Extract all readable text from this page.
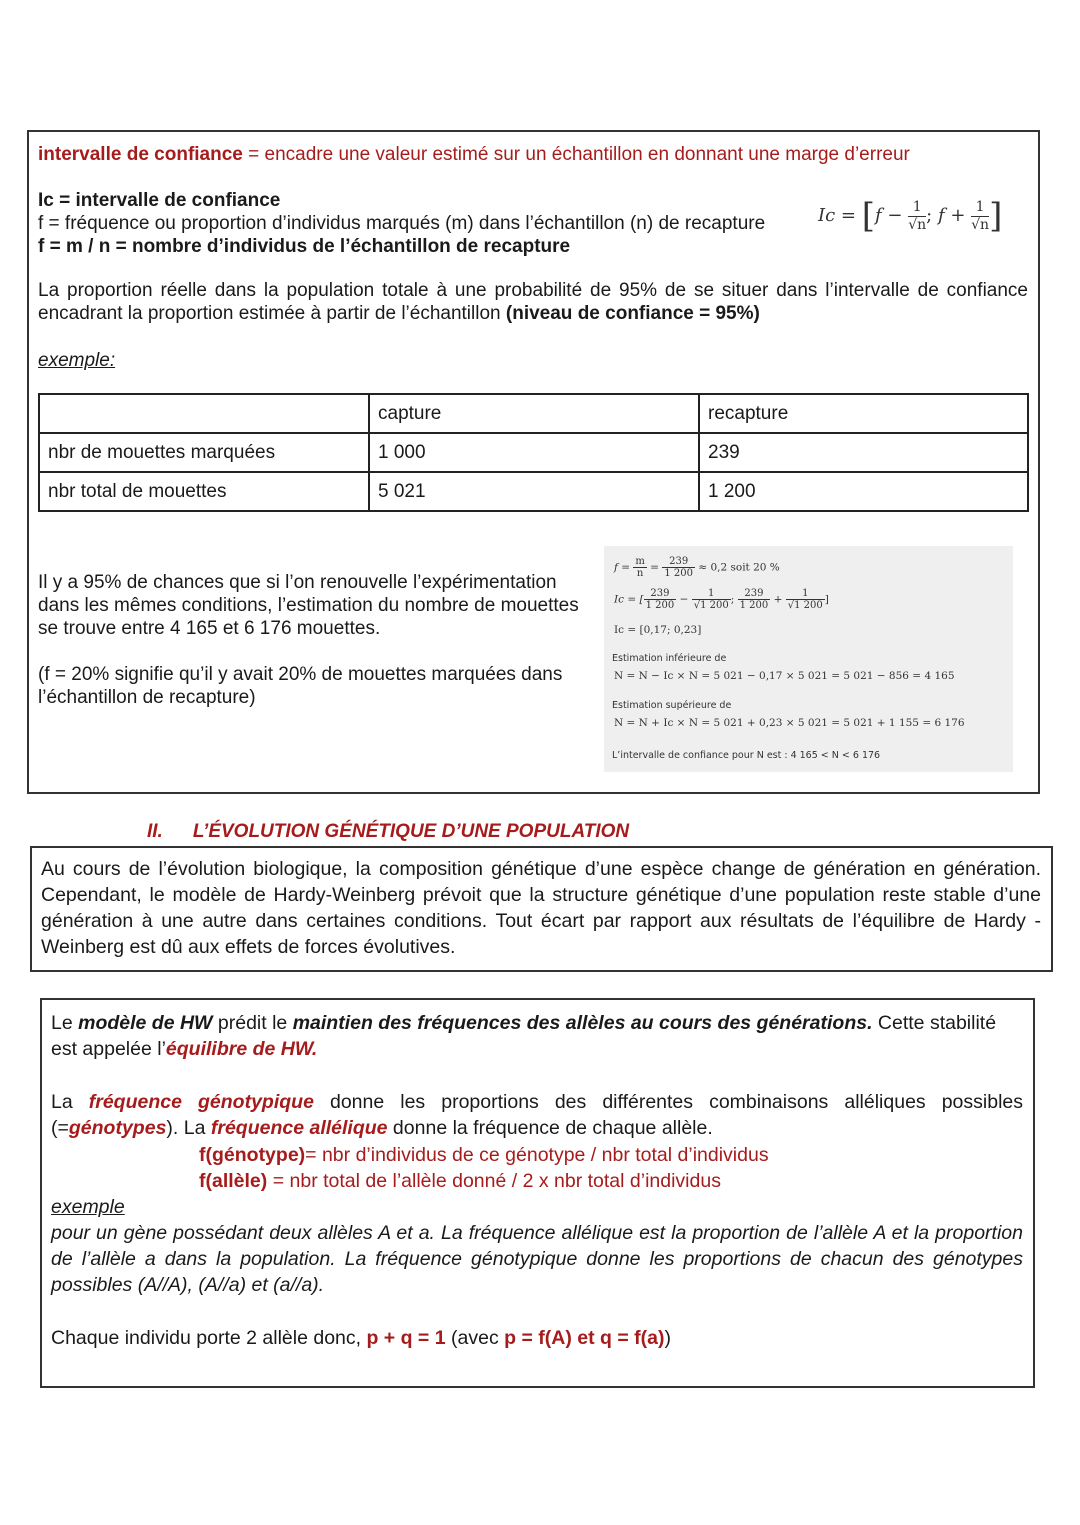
intervalle de confiance = encadre une valeur estimé sur un échantillon en donnant une marge d’erreur
Ic = intervalle de confiance
f = fréquence ou proportion d’individus marqués (m) dans l’échantillon (n) de recapture
f = m / n = nombre d’individus de l’échantillon de recapture
$Ic = [f - \frac{1}{√n}$ ; $f + \frac{1}{√n}$ ]
La proportion réelle dans la population totale à une probabilité de 95% de se situer dans l’intervalle de confiance encadrant la proportion estimée à partir de l’échantillon (niveau de confiance = 95%)
exemple:
	capture	recapture
nbr de mouettes marquées	1 000	239
nbr total de mouettes	5 021	1 200
Il y a 95% de chances que si l’on renouvelle l’expérimentation dans les mêmes conditions, l’estimation du nombre de mouettes se trouve entre 4 165 et 6 176 mouettes.
(f = 20% signifie qu’il y avait 20% de mouettes marquées dans l’échantillon de recapture)
$f = \frac{m}{n} = \frac{239}{1 200} \approx 0,2$ soit 20 %
Ic = [ $\frac{239}{1 200} - \frac{1}{√1 200}$ ; $\frac{239}{1 200} + \frac{1}{√1 200}$ ]
Ic = [0,17; 0,23]
Estimation inférieure de
N = N − Ic × N = 5 021 − 0,17 × 5 021 = 5 021 − 856 = 4 165
Estimation supérieure de
N = N + Ic × N = 5 021 + 0,23 × 5 021 = 5 021 + 1 155 = 6 176
L’intervalle de confiance pour N est : 4 165 < N < 6 176
II. L’ÉVOLUTION GÉNÉTIQUE D’UNE POPULATION
Au cours de l’évolution biologique, la composition génétique d’une espèce change de génération en génération. Cependant, le modèle de Hardy-Weinberg prévoit que la structure génétique d’une population reste stable d’une génération à une autre dans certaines conditions. Tout écart par rapport aux résultats de l’équilibre de Hardy - Weinberg est dû aux effets de forces évolutives.
Le modèle de HW prédit le maintien des fréquences des allèles au cours des générations. Cette stabilité est appelée l’équilibre de HW.
La fréquence génotypique donne les proportions des différentes combinaisons alléliques possibles (=génotypes). La fréquence allélique donne la fréquence de chaque allèle.
f(génotype)= nbr d’individus de ce génotype / nbr total d’individus
f(allèle) = nbr total de l’allèle donné / 2 x nbr total d’individus
exemple
pour un gène possédant deux allèles A et a. La fréquence allélique est la proportion de l’allèle A et la proportion de l’allèle a dans la population. La fréquence génotypique donne les proportions de chacun des génotypes possibles (A//A), (A//a) et (a//a).
Chaque individu porte 2 allèle donc, p + q = 1 (avec p = f(A) et q = f(a))
